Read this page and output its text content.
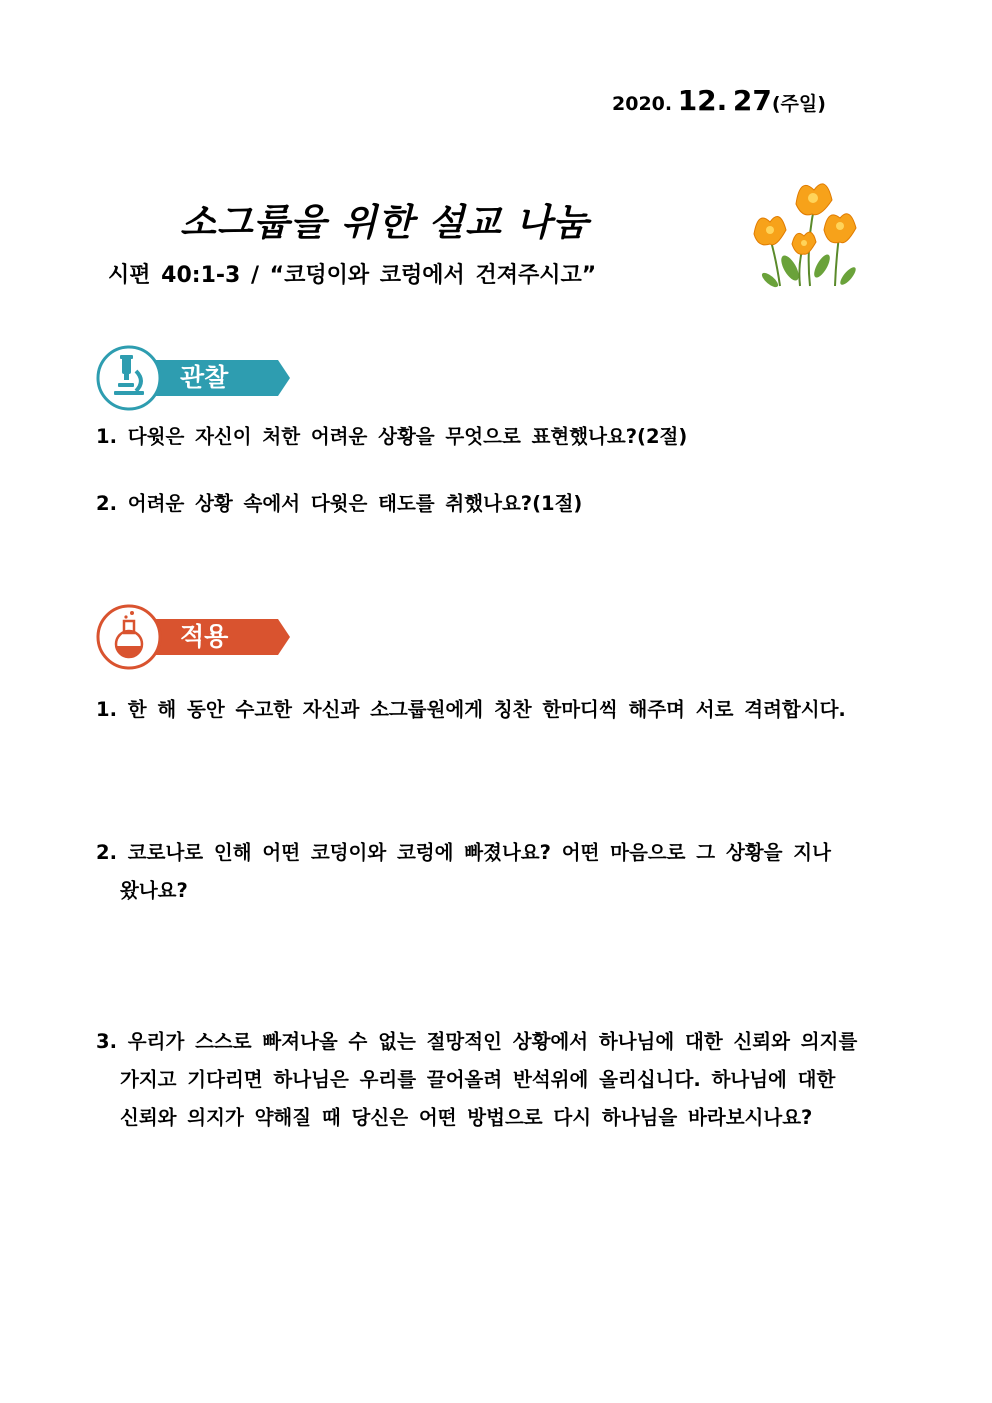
2020. 12. 27(주일)
소그룹을 위한 설교 나눔
시편 40:1-3 / “코덩이와 코렁에서 건져주시고”
관찰
1. 다윗은 자신이 처한 어려운 상황을 무엇으로 표현했나요?(2절)
2. 어려운 상황 속에서 다윗은 태도를 취했나요?(1절)
적용
1. 한 해 동안 수고한 자신과 소그룹원에게 칭찬 한마디씩 해주며 서로 격려합시다.
2. 코로나로 인해 어떤 코덩이와 코렁에 빠졌나요? 어떤 마음으로 그 상황을 지나
왔나요?
3. 우리가 스스로 빠져나올 수 없는 절망적인 상황에서 하나님에 대한 신뢰와 의지를
가지고 기다리면 하나님은 우리를 끌어올려 반석위에 올리십니다. 하나님에 대한
신뢰와 의지가 약해질 때 당신은 어떤 방법으로 다시 하나님을 바라보시나요?
